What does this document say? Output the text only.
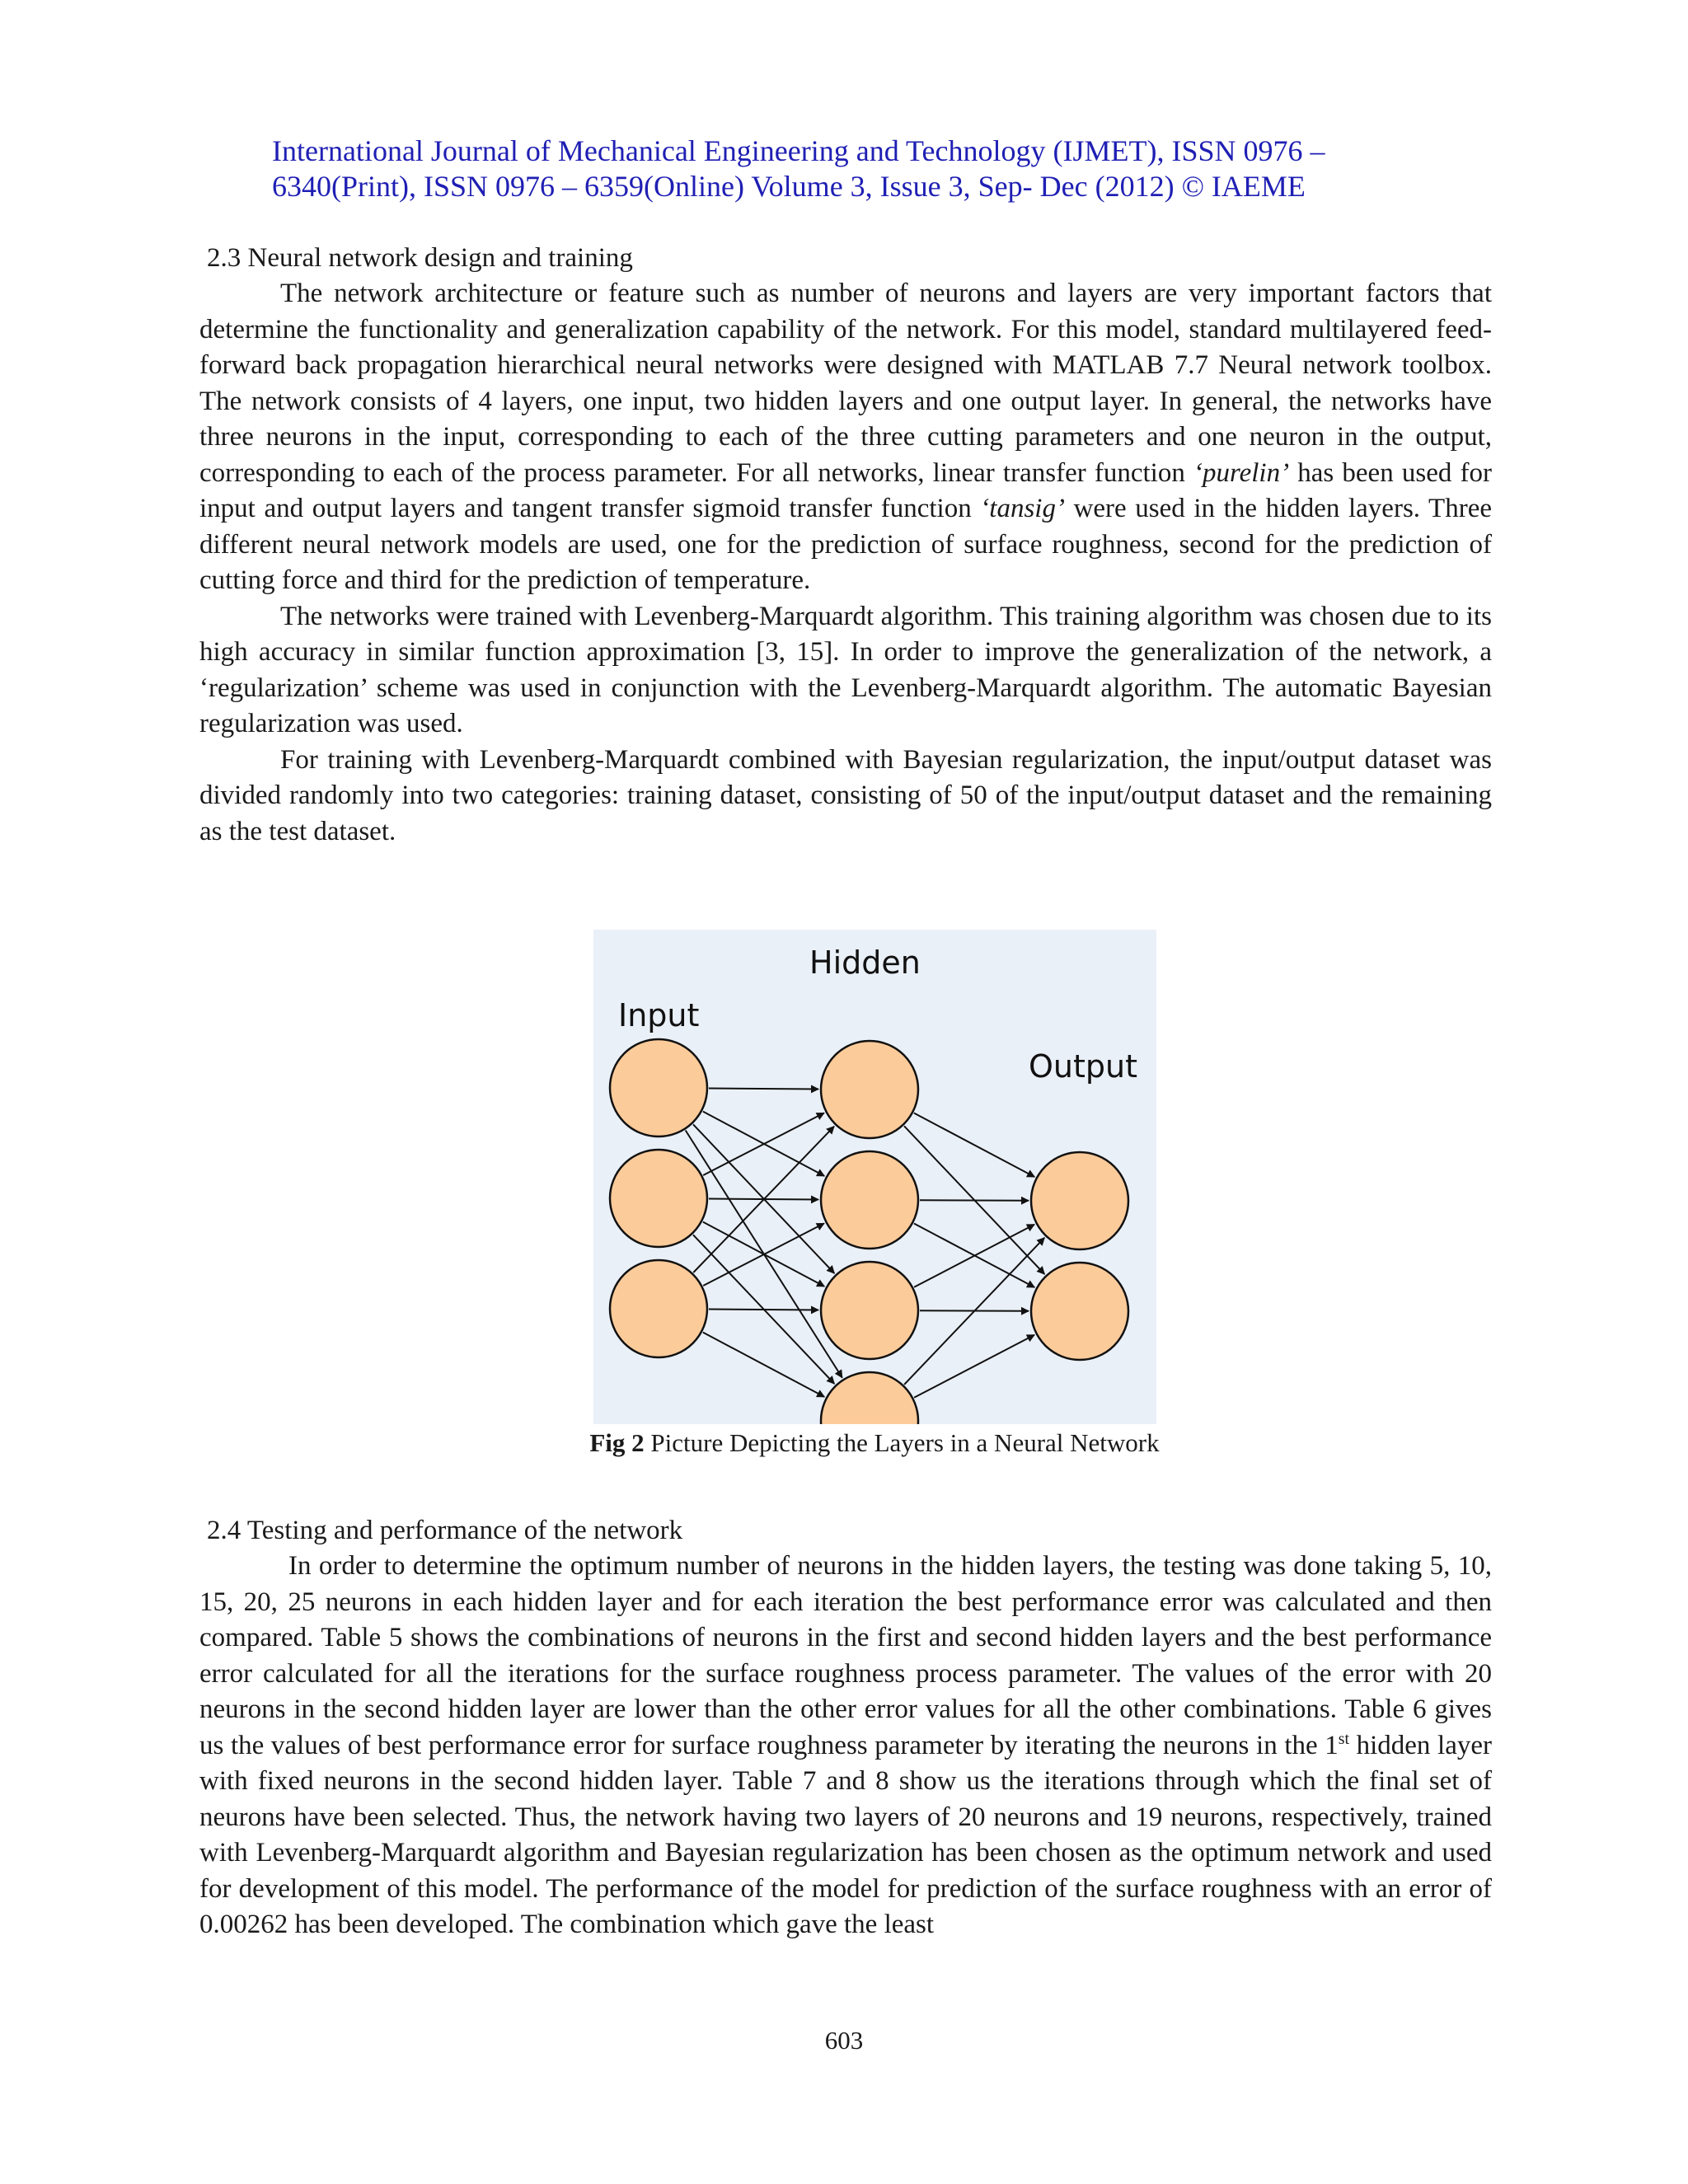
International Journal of Mechanical Engineering and Technology (IJMET), ISSN 0976 –
6340(Print), ISSN 0976 – 6359(Online) Volume 3, Issue 3, Sep- Dec (2012) © IAEME
2.3 Neural network design and training

The network architecture or feature such as number of neurons and layers are very important factors that determine the functionality and generalization capability of the network. For this model, standard multilayered feed-forward back propagation hierarchical neural networks were designed with MATLAB 7.7 Neural network toolbox. The network consists of 4 layers, one input, two hidden layers and one output layer. In general, the networks have three neurons in the input, corresponding to each of the three cutting parameters and one neuron in the output, corresponding to each of the process parameter. For all networks, linear transfer function ‘purelin’ has been used for input and output layers and tangent transfer sigmoid transfer function ‘tansig’ were used in the hidden layers. Three different neural network models are used, one for the prediction of surface roughness, second for the prediction of cutting force and third for the prediction of temperature.

The networks were trained with Levenberg-Marquardt algorithm. This training algorithm was chosen due to its high accuracy in similar function approximation [3, 15]. In order to improve the generalization of the network, a ‘regularization’ scheme was used in conjunction with the Levenberg-Marquardt algorithm. The automatic Bayesian regularization was used.

For training with Levenberg-Marquardt combined with Bayesian regularization, the input/output dataset was divided randomly into two categories: training dataset, consisting of 50 of the input/output dataset and the remaining as the test dataset.

Input
Hidden
Output
Fig 2 Picture Depicting the Layers in a Neural Network
2.4 Testing and performance of the network

In order to determine the optimum number of neurons in the hidden layers, the testing was done taking 5, 10, 15, 20, 25 neurons in each hidden layer and for each iteration the best performance error was calculated and then compared. Table 5 shows the combinations of neurons in the first and second hidden layers and the best performance error calculated for all the iterations for the surface roughness process parameter. The values of the error with 20 neurons in the second hidden layer are lower than the other error values for all the other combinations. Table 6 gives us the values of best performance error for surface roughness parameter by iterating the neurons in the 1st hidden layer with fixed neurons in the second hidden layer. Table 7 and 8 show us the iterations through which the final set of neurons have been selected. Thus, the network having two layers of 20 neurons and 19 neurons, respectively, trained with Levenberg-Marquardt algorithm and Bayesian regularization has been chosen as the optimum network and used for development of this model. The performance of the model for prediction of the surface roughness with an error of 0.00262 has been developed. The combination which gave the least

603
